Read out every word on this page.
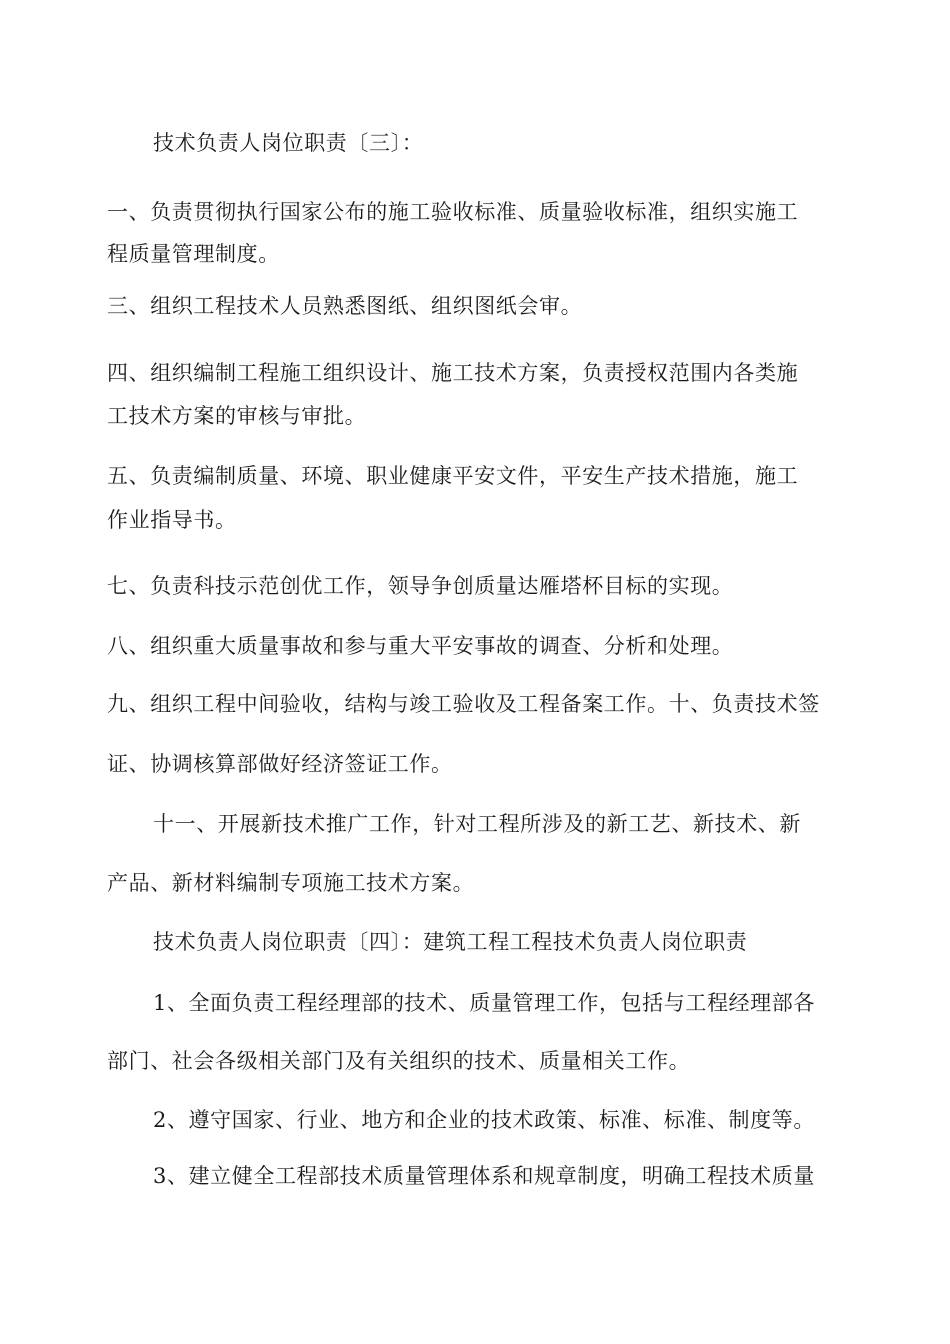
技术负责人岗位职责〔三〕：
一、负责贯彻执行国家公布的施工验收标准、质量验收标准，组织实施工
程质量管理制度。
三、组织工程技术人员熟悉图纸、组织图纸会审。
四、组织编制工程施工组织设计、施工技术方案，负责授权范围内各类施
工技术方案的审核与审批。
五、负责编制质量、环境、职业健康平安文件，平安生产技术措施，施工
作业指导书。
七、负责科技示范创优工作，领导争创质量达雁塔杯目标的实现。
八、组织重大质量事故和参与重大平安事故的调查、分析和处理。
九、组织工程中间验收，结构与竣工验收及工程备案工作。十、负责技术签
证、协调核算部做好经济签证工作。
十一、开展新技术推广工作，针对工程所涉及的新工艺、新技术、新
产品、新材料编制专项施工技术方案。
技术负责人岗位职责〔四〕：建筑工程工程技术负责人岗位职责
1、全面负责工程经理部的技术、质量管理工作，包括与工程经理部各
部门、社会各级相关部门及有关组织的技术、质量相关工作。
2、遵守国家、行业、地方和企业的技术政策、标准、标准、制度等。
3、建立健全工程部技术质量管理体系和规章制度，明确工程技术质量
